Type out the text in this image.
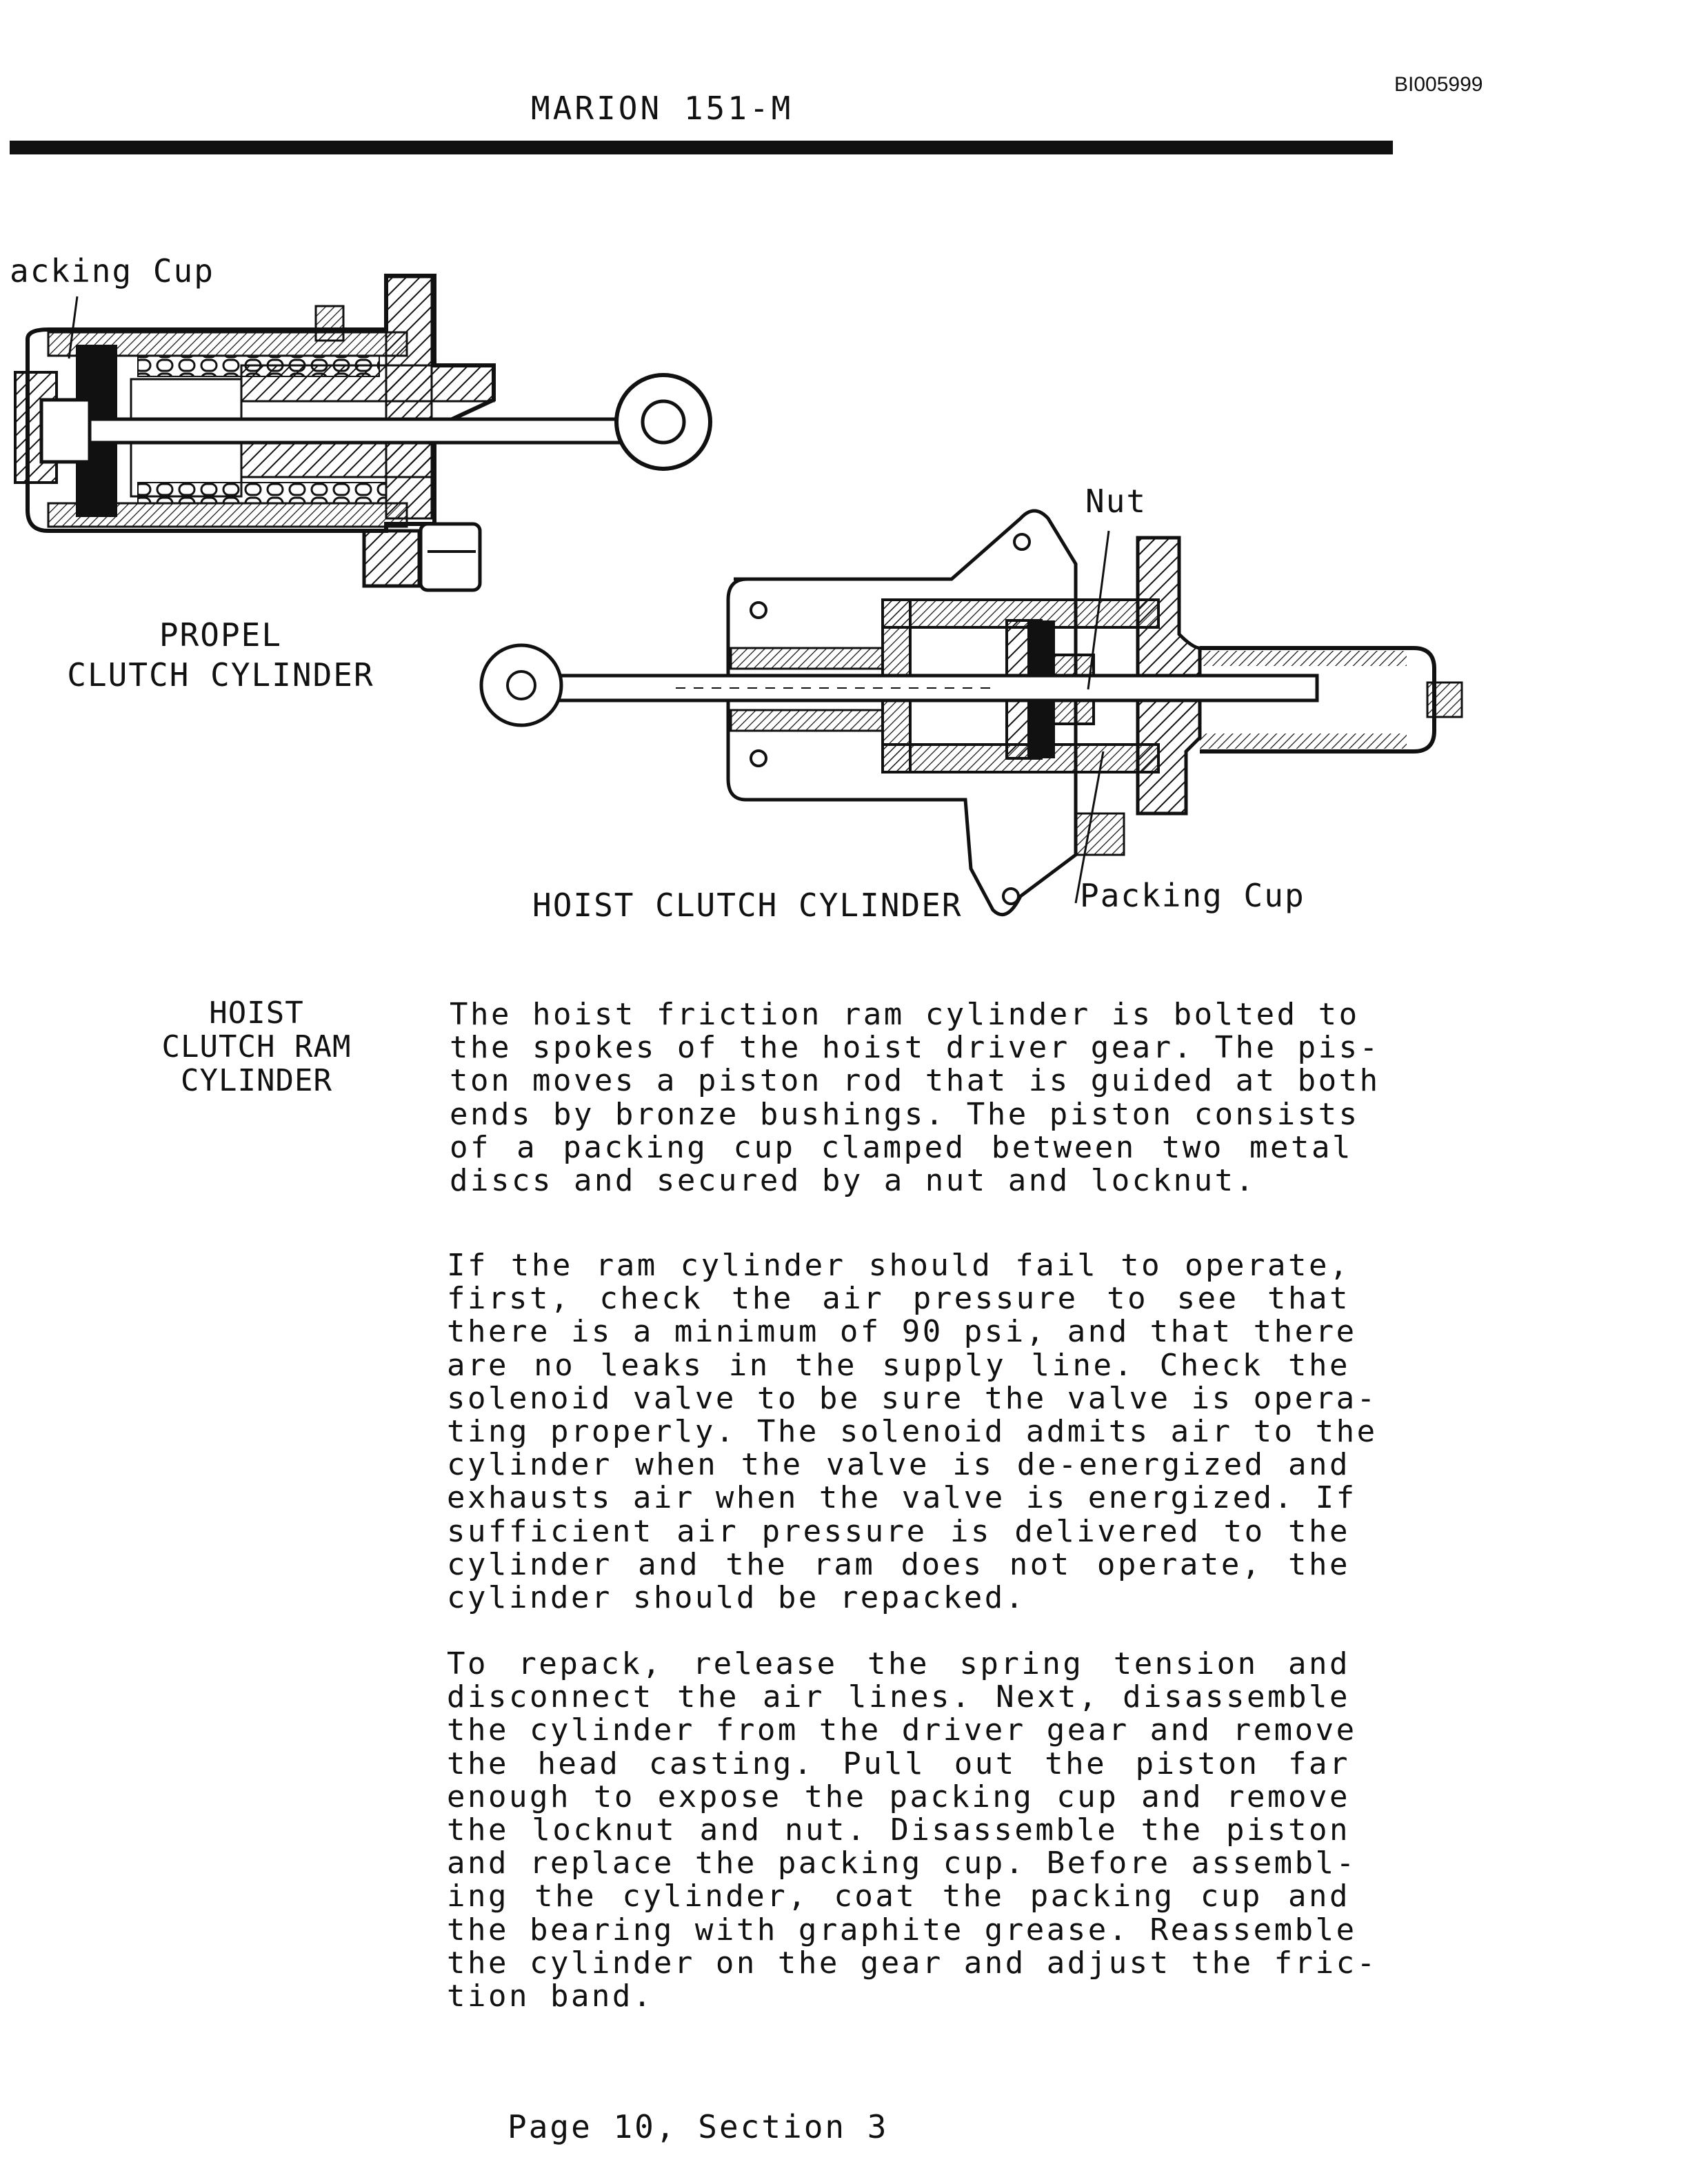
MARION 151-M
BI005999
acking Cup
PROPEL
CLUTCH CYLINDER
Nut
Packing Cup
HOIST CLUTCH CYLINDER
HOIST
CLUTCH RAM
CYLINDER
The hoist friction ram cylinder is bolted to
the spokes of the hoist driver gear. The pis-
ton moves a piston rod that is guided at both
ends by bronze bushings. The piston consists
of a packing cup clamped between two metal
discs and secured by a nut and locknut.
If the ram cylinder should fail to operate,
first, check the air pressure to see that
there is a minimum of 90 psi, and that there
are no leaks in the supply line. Check the
solenoid valve to be sure the valve is opera-
ting properly. The solenoid admits air to the
cylinder when the valve is de-energized and
exhausts air when the valve is energized. If
sufficient air pressure is delivered to the
cylinder and the ram does not operate, the
cylinder should be repacked.
To repack, release the spring tension and
disconnect the air lines. Next, disassemble
the cylinder from the driver gear and remove
the head casting. Pull out the piston far
enough to expose the packing cup and remove
the locknut and nut. Disassemble the piston
and replace the packing cup. Before assembl-
ing the cylinder, coat the packing cup and
the bearing with graphite grease. Reassemble
the cylinder on the gear and adjust the fric-
tion band.
Page 10, Section 3
